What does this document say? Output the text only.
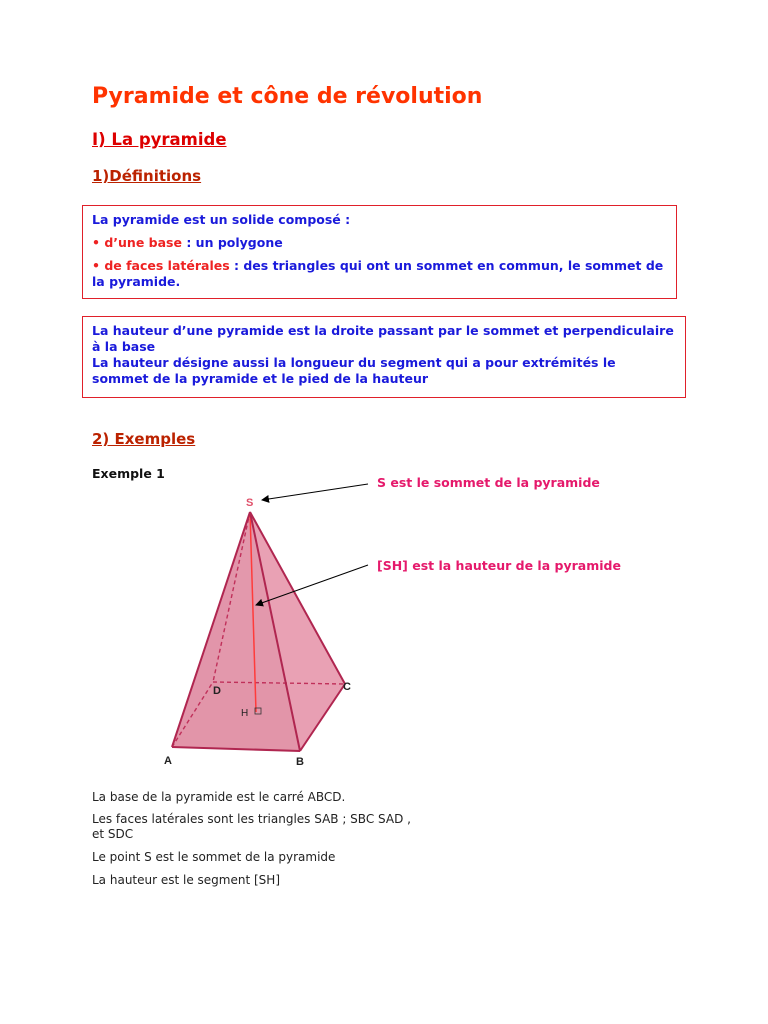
Pyramide et cône de révolution
I) La pyramide
1)Définitions

La pyramide est un solide composé :

• d’une base : un polygone

• de faces latérales : des triangles qui ont un sommet en commun, le sommet de la pyramide.

La hauteur d’une pyramide est la droite passant par le sommet et perpendiculaire à la base

La hauteur désigne aussi la longueur du segment qui a pour extrémités le sommet de la pyramide et le pied de la hauteur

2) Exemples
Exemple 1
S
A	B
C
D
H
S est le sommet de la pyramide
[SH] est la hauteur de la pyramide
La base de la pyramide est le carré ABCD.
Les faces latérales sont les triangles SAB ; SBC SAD , et SDC
Le point S est le sommet de la pyramide
La hauteur est le segment [SH]
